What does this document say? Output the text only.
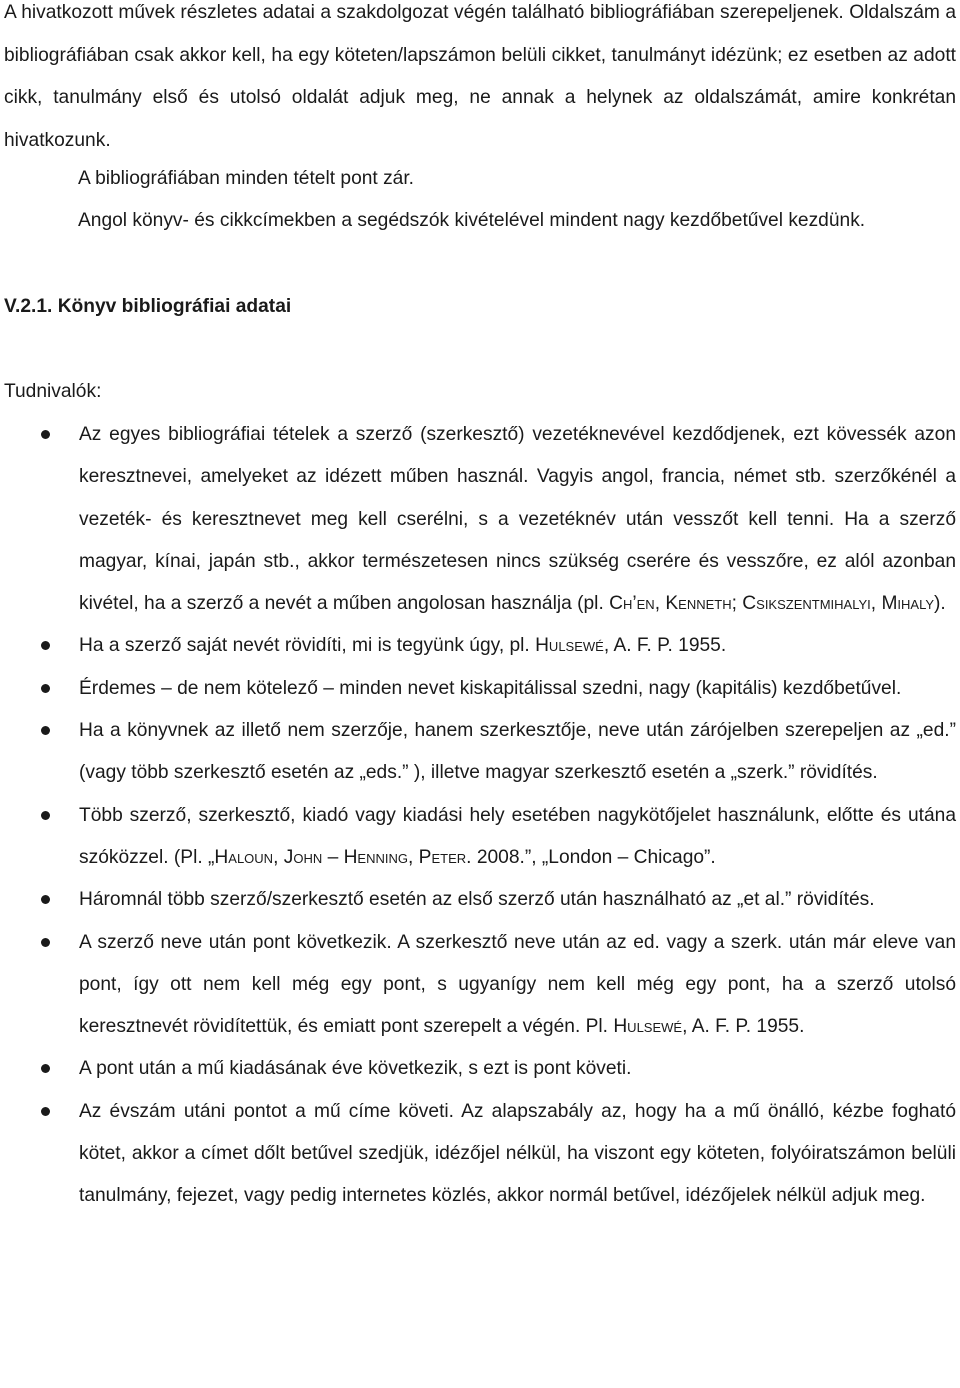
A hivatkozott művek részletes adatai a szakdolgozat végén található bibliográfiában szerepeljenek. Oldalszám a bibliográfiában csak akkor kell, ha egy köteten/lapszámon belüli cikket, tanulmányt idézünk; ez esetben az adott cikk, tanulmány első és utolsó oldalát adjuk meg, ne annak a helynek az oldalszámát, amire konkrétan hivatkozunk.
A bibliográfiában minden tételt pont zár.
Angol könyv- és cikkcímekben a segédszók kivételével mindent nagy kezdőbetűvel kezdünk.
V.2.1. Könyv bibliográfiai adatai
Tudnivalók:
Az egyes bibliográfiai tételek a szerző (szerkesztő) vezetéknevével kezdődjenek, ezt kövessék azon keresztnevei, amelyeket az idézett műben használ. Vagyis angol, francia, német stb. szerzőkénél a vezeték- és keresztnevet meg kell cserélni, s a vezetéknév után vesszőt kell tenni. Ha a szerző magyar, kínai, japán stb., akkor természetesen nincs szükség cserére és vesszőre, ez alól azonban kivétel, ha a szerző a nevét a műben angolosan használja (pl. Ch’en, Kenneth; Csikszentmihalyi, Mihaly).
Ha a szerző saját nevét rövidíti, mi is tegyünk úgy, pl. Hulsewé, A. F. P. 1955.
Érdemes – de nem kötelező – minden nevet kiskapitálissal szedni, nagy (kapitális) kezdőbetűvel.
Ha a könyvnek az illető nem szerzője, hanem szerkesztője, neve után zárójelben szerepeljen az „ed.” (vagy több szerkesztő esetén az „eds.” ), illetve magyar szerkesztő esetén a „szerk.” rövidítés.
Több szerző, szerkesztő, kiadó vagy kiadási hely esetében nagykötőjelet használunk, előtte és utána szóközzel. (Pl. „Haloun, John – Henning, Peter. 2008.”, „London – Chicago”.
Háromnál több szerző/szerkesztő esetén az első szerző után használható az „et al.” rövidítés.
A szerző neve után pont következik. A szerkesztő neve után az ed. vagy a szerk. után már eleve van pont, így ott nem kell még egy pont, s ugyanígy nem kell még egy pont, ha a szerző utolsó keresztnevét rövidítettük, és emiatt pont szerepelt a végén. Pl. Hulsewé, A. F. P. 1955.
A pont után a mű kiadásának éve következik, s ezt is pont követi.
Az évszám utáni pontot a mű címe követi. Az alapszabály az, hogy ha a mű önálló, kézbe fogható kötet, akkor a címet dőlt betűvel szedjük, idézőjel nélkül, ha viszont egy köteten, folyóiratszámon belüli tanulmány, fejezet, vagy pedig internetes közlés, akkor normál betűvel, idézőjelek nélkül adjuk meg.
